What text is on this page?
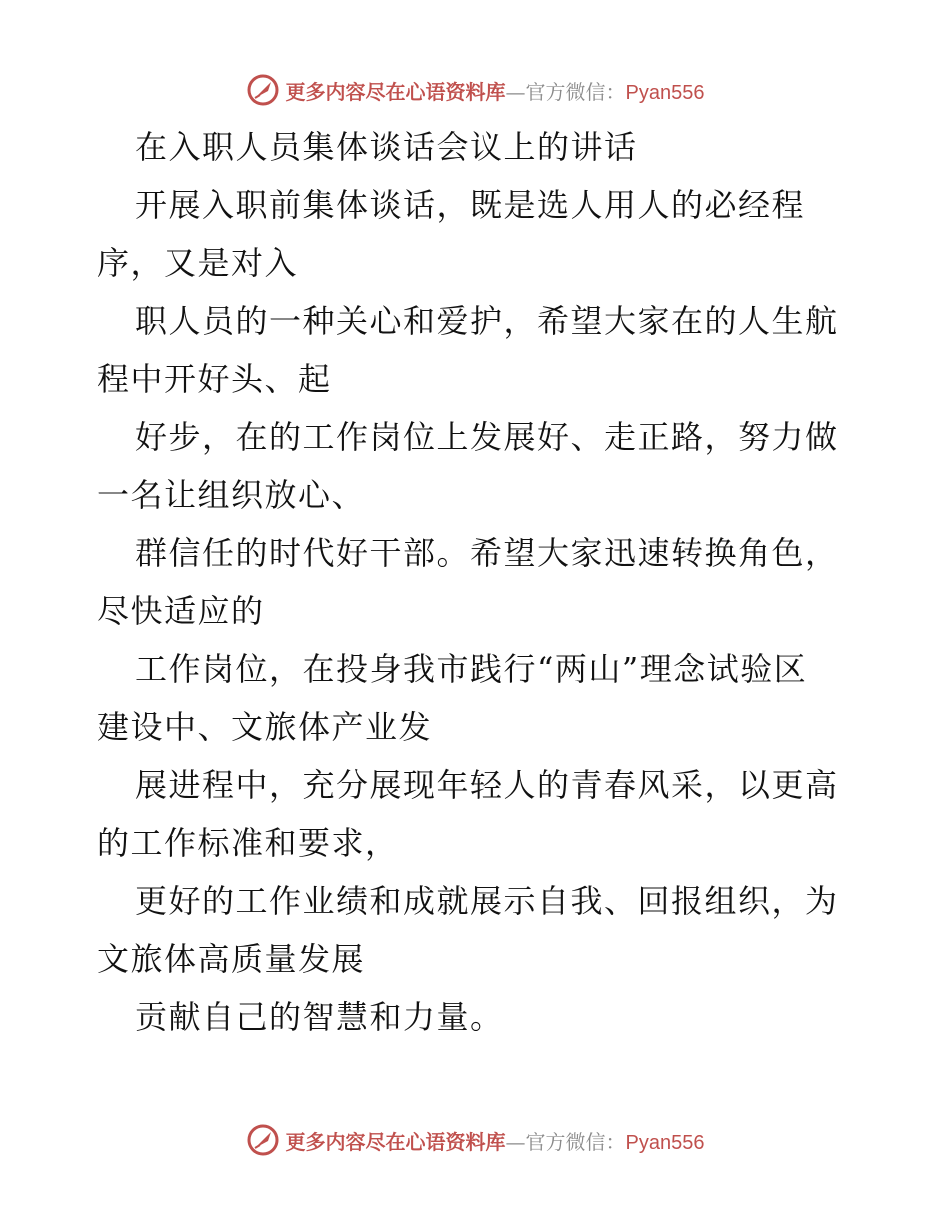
更多内容尽在心语资料库—官方微信：Pyan556
在入职人员集体谈话会议上的讲话
开展入职前集体谈话，既是选人用人的必经程
序，又是对入
职人员的一种关心和爱护，希望大家在的人生航
程中开好头、起
好步，在的工作岗位上发展好、走正路，努力做
一名让组织放心、
群信任的时代好干部。希望大家迅速转换角色，
尽快适应的
工作岗位，在投身我市践行“两山”理念试验区
建设中、文旅体产业发
展进程中，充分展现年轻人的青春风采，以更高
的工作标准和要求，
更好的工作业绩和成就展示自我、回报组织，为
文旅体高质量发展
贡献自己的智慧和力量。
更多内容尽在心语资料库—官方微信：Pyan556
